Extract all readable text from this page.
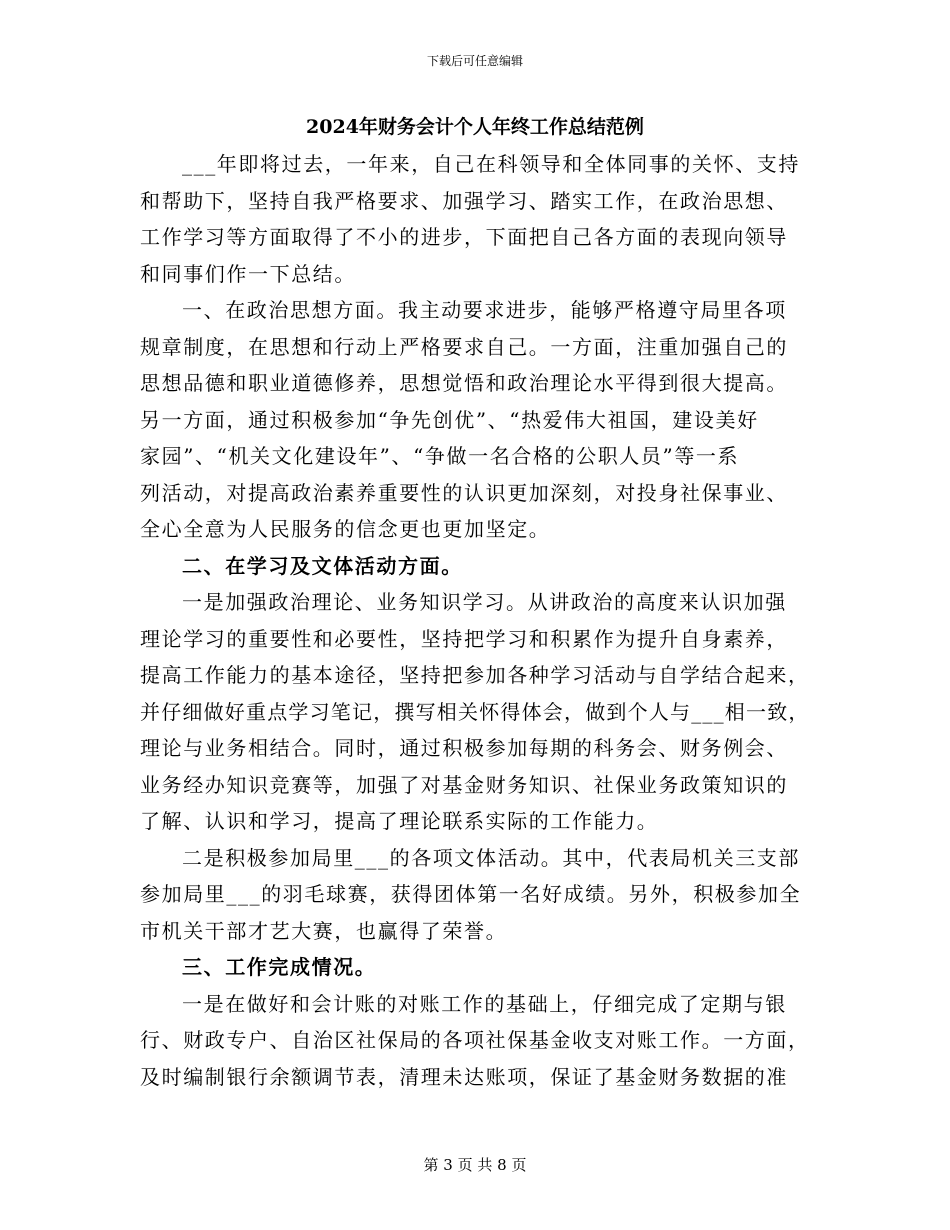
下载后可任意编辑
2024年财务会计个人年终工作总结范例
___年即将过去，一年来，自己在科领导和全体同事的关怀、支持
和帮助下，坚持自我严格要求、加强学习、踏实工作，在政治思想、
工作学习等方面取得了不小的进步，下面把自己各方面的表现向领导
和同事们作一下总结。
一、在政治思想方面。我主动要求进步，能够严格遵守局里各项
规章制度，在思想和行动上严格要求自己。一方面，注重加强自己的
思想品德和职业道德修养，思想觉悟和政治理论水平得到很大提高。
另一方面，通过积极参加“争先创优”、“热爱伟大祖国，建设美好
家园”、“机关文化建设年”、“争做一名合格的公职人员”等一系
列活动，对提高政治素养重要性的认识更加深刻，对投身社保事业、
全心全意为人民服务的信念更也更加坚定。
二、在学习及文体活动方面。
一是加强政治理论、业务知识学习。从讲政治的高度来认识加强
理论学习的重要性和必要性，坚持把学习和积累作为提升自身素养，
提高工作能力的基本途径，坚持把参加各种学习活动与自学结合起来，
并仔细做好重点学习笔记，撰写相关怀得体会，做到个人与___相一致，
理论与业务相结合。同时，通过积极参加每期的科务会、财务例会、
业务经办知识竞赛等，加强了对基金财务知识、社保业务政策知识的
了解、认识和学习，提高了理论联系实际的工作能力。
二是积极参加局里___的各项文体活动。其中，代表局机关三支部
参加局里___的羽毛球赛，获得团体第一名好成绩。另外，积极参加全
市机关干部才艺大赛，也赢得了荣誉。
三、工作完成情况。
一是在做好和会计账的对账工作的基础上，仔细完成了定期与银
行、财政专户、自治区社保局的各项社保基金收支对账工作。一方面，
及时编制银行余额调节表，清理未达账项，保证了基金财务数据的准
第 3 页 共 8 页
